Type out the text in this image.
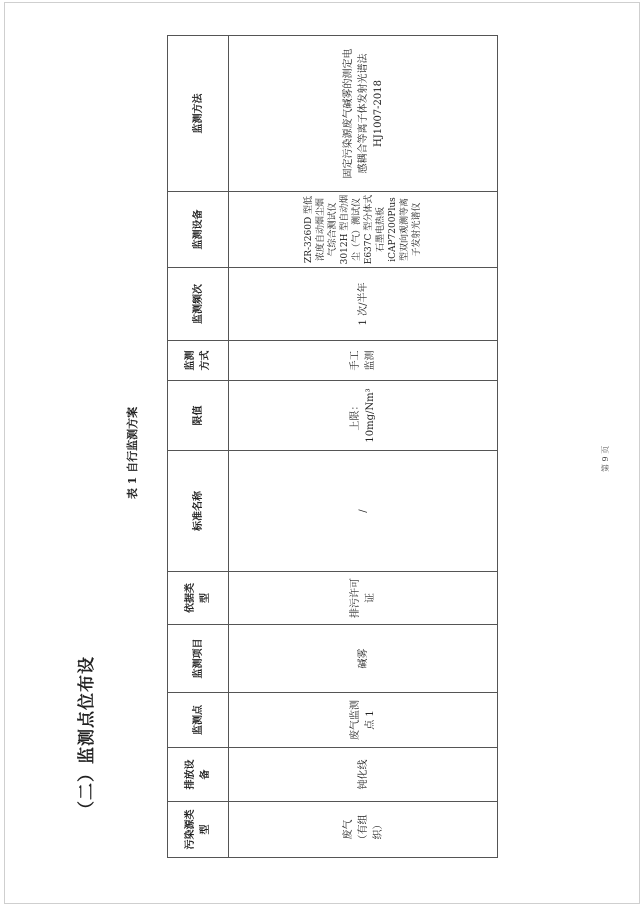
（二）监测点位布设
表 1 自行监测方案
污染源类型	排放设备	监测点	监测项目	依据类型	标准名称	限值	监测方式	监测频次	监测设备	监测方法
废气（有组织）	钝化线	废气监测点 1	碱雾	排污许可证	/	上限： 10mg/Nm³	手工监测	1 次/半年	ZR-3260D 型低浓度自动烟尘烟气综合测试仪 3012H 型自动烟尘（气）测试仪 E637C 型分体式石墨电热板 iCAP7200Plus 型双向观测等离子发射光谱仪	固定污染源废气碱雾的测定电感耦合等离子体发射光谱法 HJ1007-2018
第 9 页
